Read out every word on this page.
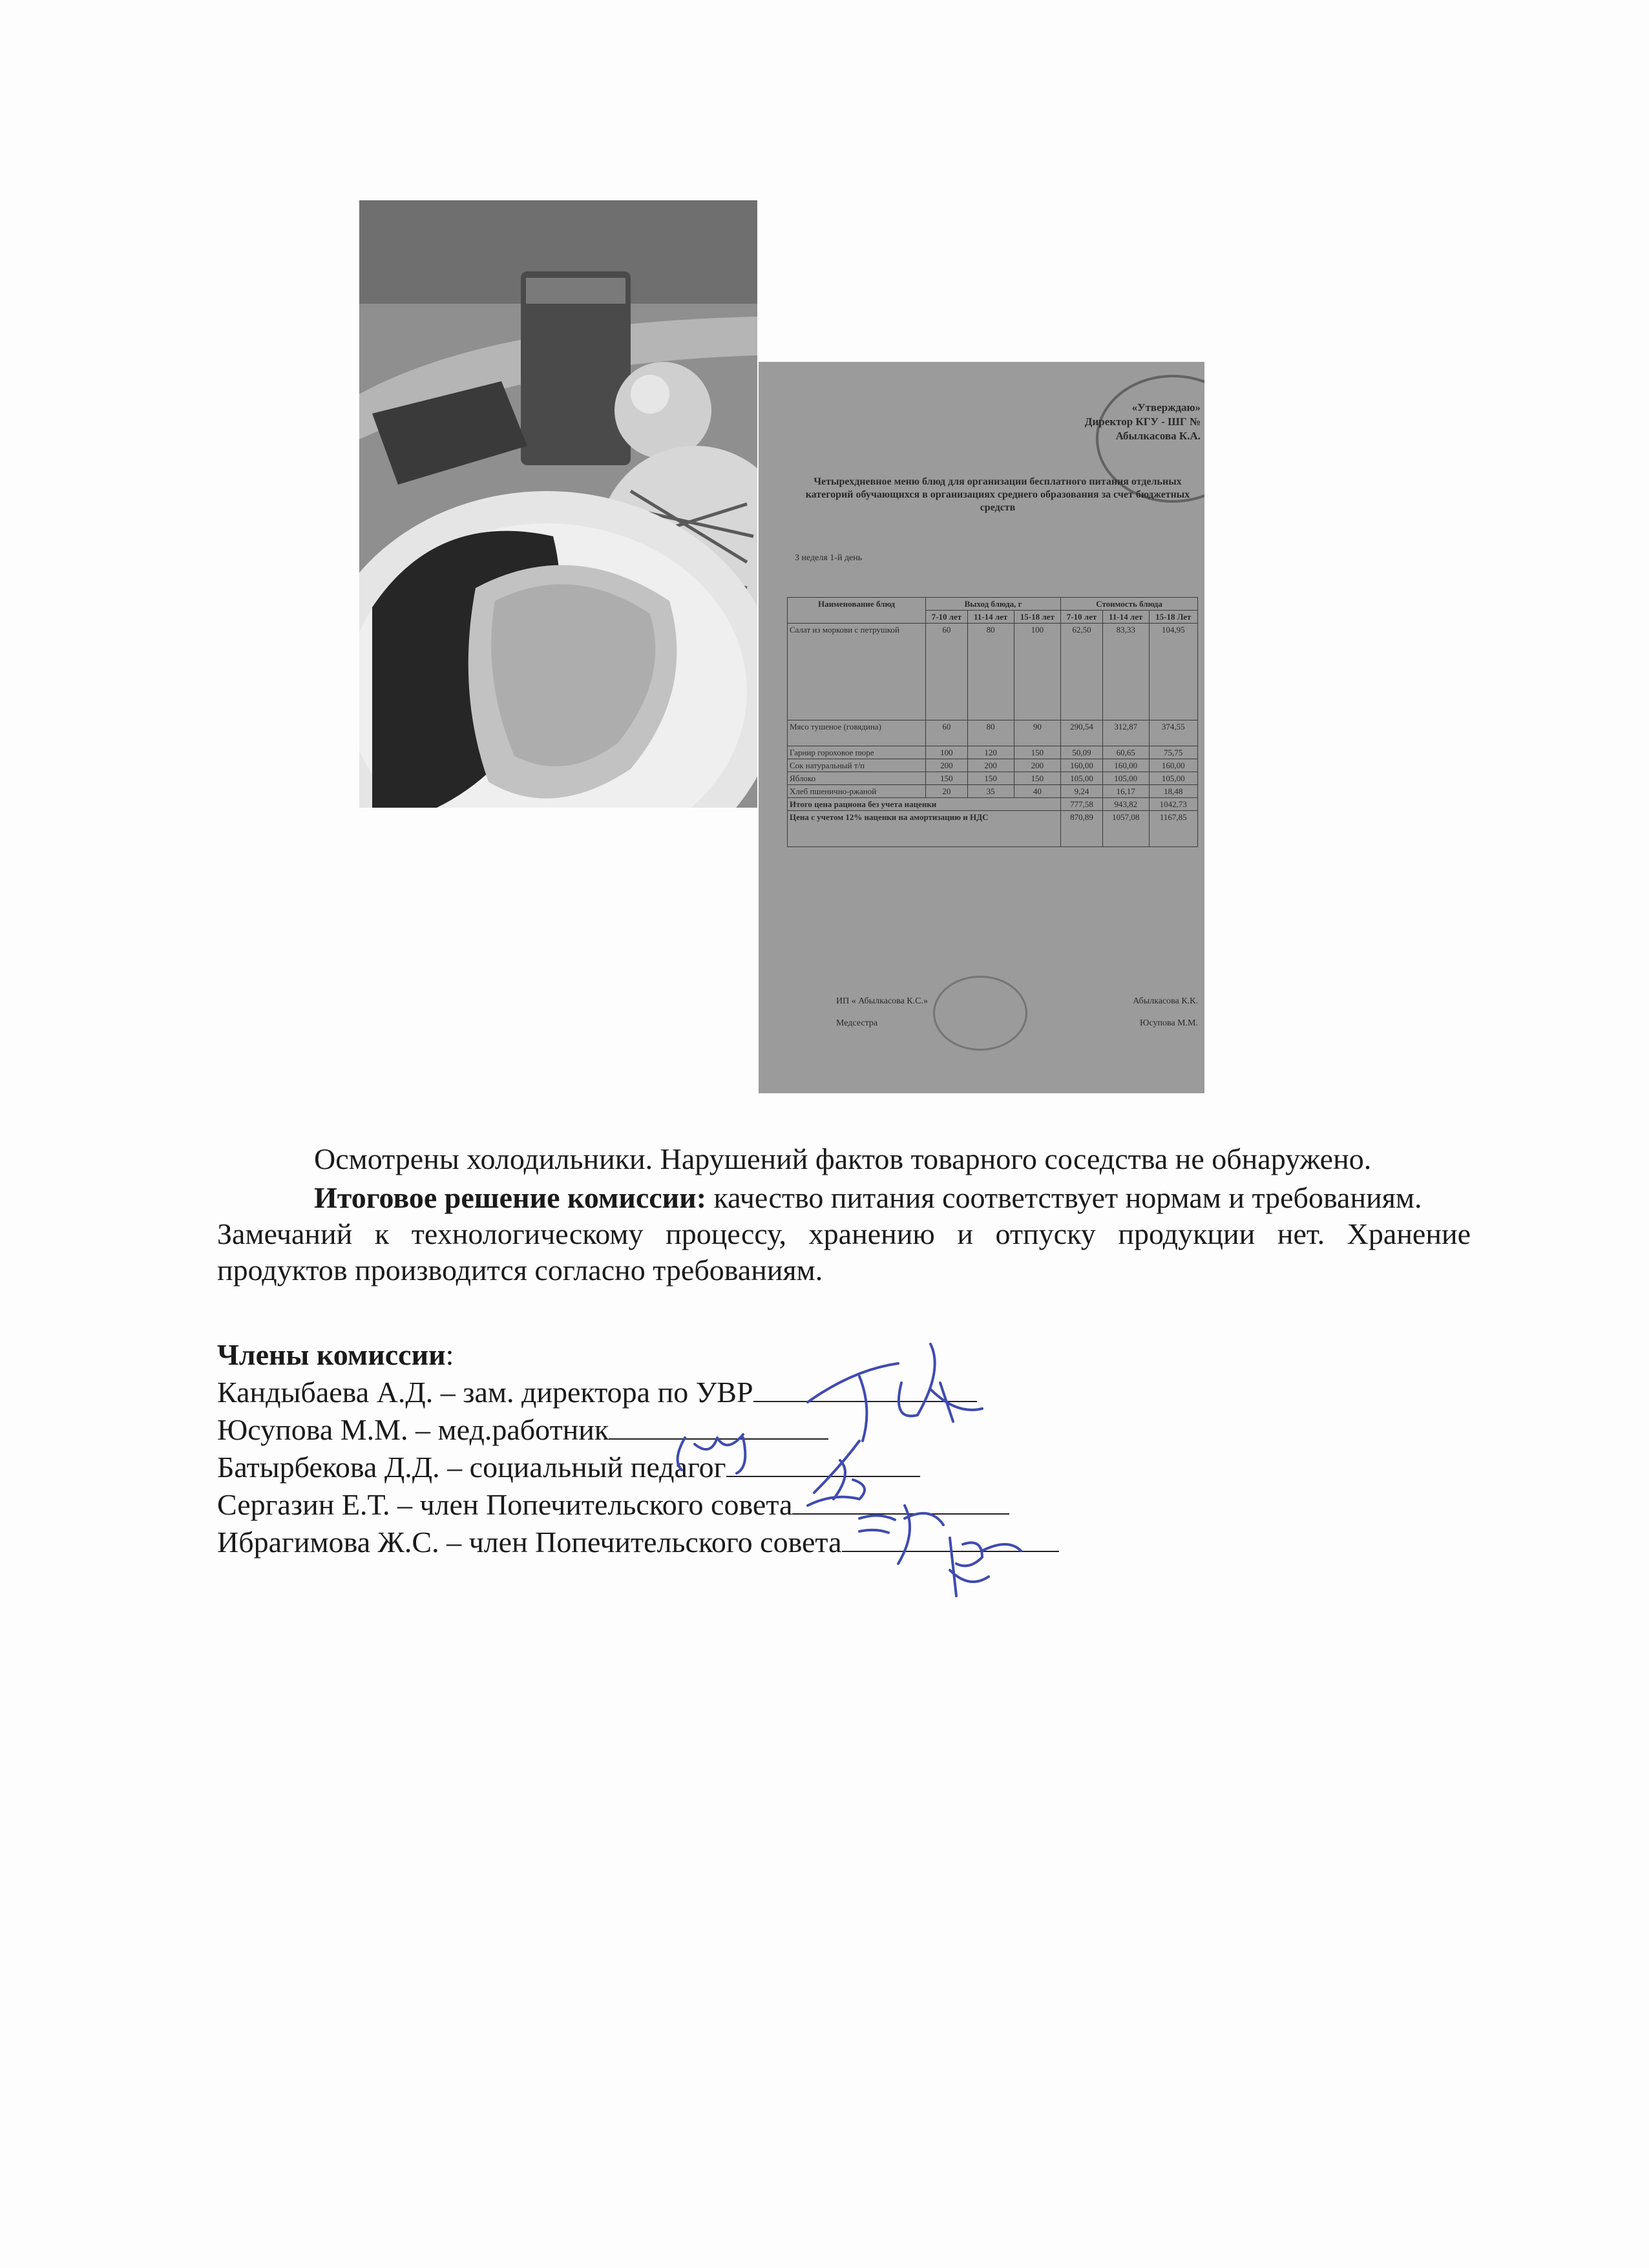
«Утверждаю»
Директор КГУ - ШГ №
Абылкасова К.А.
Четырехдневное меню блюд для организации бесплатного питания отдельных категорий обучающихся в организациях среднего образования за счет бюджетных средств
3 неделя 1-й день
Наименование блюд	Выход блюда, г			Стоимость блюда		
	7-10 лет	11-14 лет	15-18 лет	7-10 лет	11-14 лет	15-18 Лет
Салат из моркови с петрушкой	60	80	100	62,50	83,33	104,95
Мясо тушеное (говядина)	60	80	90	290,54	312,87	374,55
Гарнир гороховое пюре	100	120	150	50,09	60,65	75,75
Сок натуральный т/п	200	200	200	160,00	160,00	160,00
Яблоко	150	150	150	105,00	105,00	105,00
Хлеб пшенично-ржаной	20	35	40	9,24	16,17	18,48
Итого цена рациона без учета наценки				777,58	943,82	1042,73
Цена с учетом 12% наценки на амортизацию и НДС				870,89	1057,08	1167,85
ИП « Абылкасова К.С.»	Абылкасова К.К.
Медсестра	Юсупова М.М.
Осмотрены холодильники. Нарушений фактов товарного соседства не обнаружено.
Итоговое решение комиссии: качество питания соответствует нормам и требованиям.
Замечаний к технологическому процессу, хранению и отпуску продукции нет. Хранение
продуктов производится согласно требованиям.
Члены комиссии:
Кандыбаева А.Д. – зам. директора по УВР
Юсупова М.М. – мед.работник
Батырбекова Д.Д. – социальный педагог
Сергазин Е.Т. – член Попечительского совета
Ибрагимова Ж.С. – член Попечительского совета
